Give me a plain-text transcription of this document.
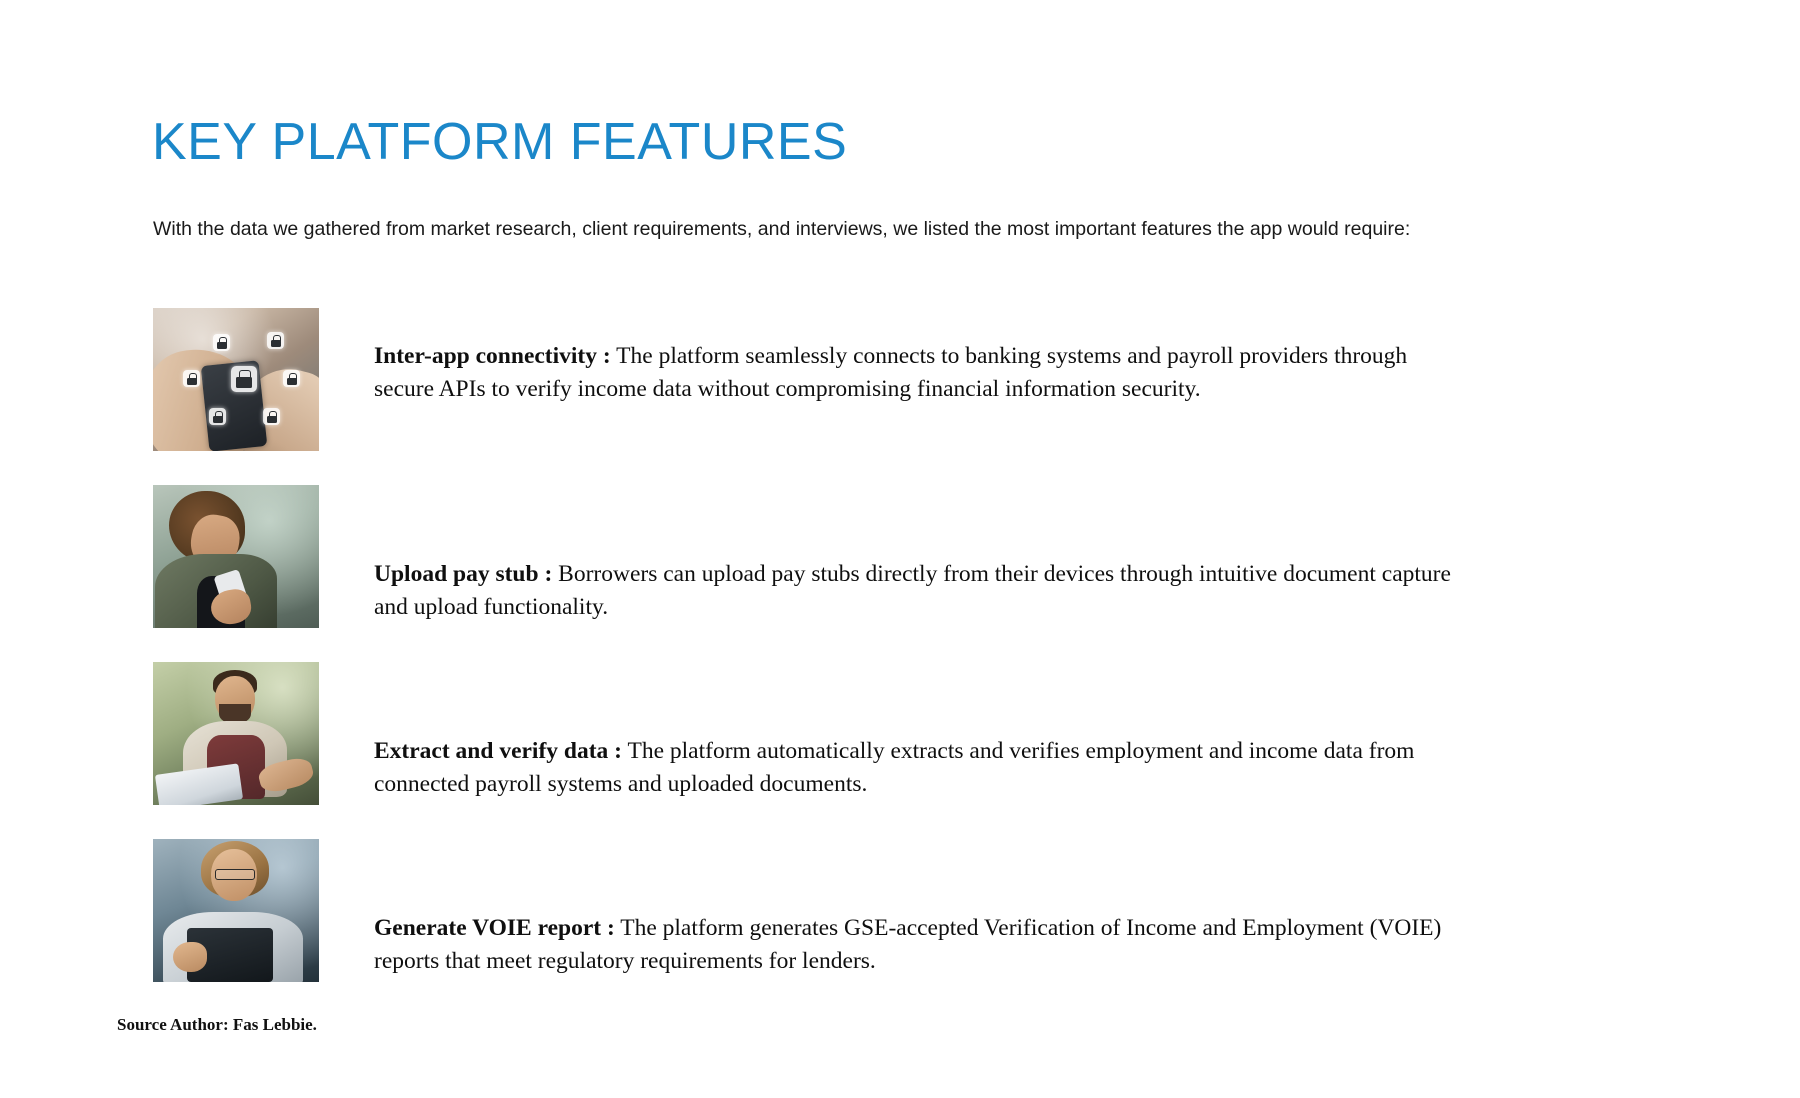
KEY PLATFORM FEATURES
With the data we gathered from market research, client requirements, and interviews, we listed the most important features the app would require:
Inter-app connectivity : The platform seamlessly connects to banking systems and payroll providers through secure APIs to verify income data without compromising financial information security.
Upload pay stub : Borrowers can upload pay stubs directly from their devices through intuitive document capture and upload functionality.
Extract and verify data : The platform automatically extracts and verifies employment and income data from connected payroll systems and uploaded documents.
Generate VOIE report : The platform generates GSE-accepted Verification of Income and Employment (VOIE) reports that meet regulatory requirements for lenders.
Source Author: Fas Lebbie.
